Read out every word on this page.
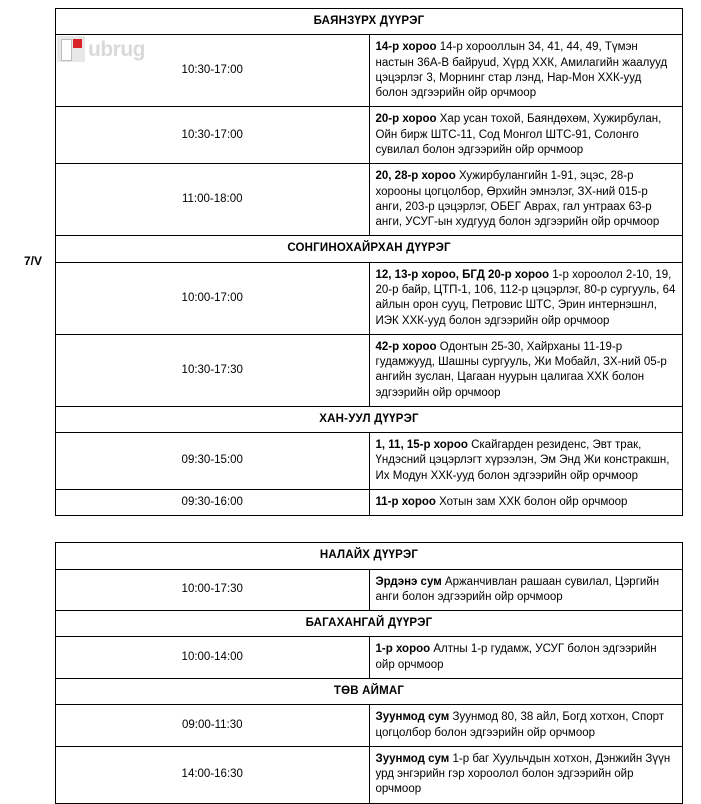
ubrug
7/V
БАЯНЗҮРХ ДҮҮРЭГ	
10:30-17:00	14-р хороо 14-р хорооллын 34, 41, 44, 49, Түмэн настын 36А-В байруud, Хүрд ХХК, Амилагийн жаалууд цэцэрлэг 3, Морнинг стар лэнд, Нар-Мон ХХК-ууд болон эдгээрийн ойр орчмоор
10:30-17:00	20-р хороо Хар усан тохой, Баяндөхөм, Хужирбулан, Ойн бирж ШТС-11, Сод Монгол ШТС-91, Солонго сувилал болон эдгээрийн ойр орчмоор
11:00-18:00	20, 28-р хороо Хужирбулангийн 1-91, эцэс, 28-р хорооны цогцолбор, Өрхийн эмнэлэг, ЗХ-ний 015-р анги, 203-р цэцэрлэг, ОБЕГ Аврах, гал унтраах 63-р анги, УСУГ-ын худгууд болон эдгээрийн ойр орчмоор
СОНГИНОХАЙРХАН ДҮҮРЭГ	
10:00-17:00	12, 13-р хороо, БГД 20-р хороо 1-р хороолол 2-10, 19, 20-р байр, ЦТП-1, 106, 112-р цэцэрлэг, 80-р сургууль, 64 айлын орон сууц, Петровис ШТС, Эрин интернэшнл, ИЭК ХХК-ууд болон эдгээрийн ойр орчмоор
10:30-17:30	42-р хороо Одонтын 25-30, Хайрханы 11-19-р гудамжууд, Шашны сургууль, Жи Мобайл, ЗХ-ний 05-р ангийн зуслан, Цагаан нуурын цалигаа ХХК болон эдгээрийн ойр орчмоор
ХАН-УУЛ ДҮҮРЭГ	
09:30-15:00	1, 11, 15-р хороо Скайгарден резиденс, Эвт трак, Үндэсний цэцэрлэгт хүрээлэн, Эм Энд Жи констракшн, Их Модун ХХК-ууд болон эдгээрийн ойр орчмоор
09:30-16:00	11-р хороо Хотын зам ХХК болон ойр орчмоор
НАЛАЙХ ДҮҮРЭГ	
10:00-17:30	Эрдэнэ сум Аржанчивлан рашаан сувилал, Цэргийн анги болон эдгээрийн ойр орчмоор
БАГАХАНГАЙ ДҮҮРЭГ	
10:00-14:00	1-р хороо Алтны 1-р гудамж, УСУГ болон эдгээрийн ойр орчмоор
ТӨВ АЙМАГ	
09:00-11:30	Зуунмод сум Зуунмод 80, 38 айл, Богд хотхон, Спорт цогцолбор болон эдгээрийн ойр орчмоор
14:00-16:30	Зуунмод сум 1-р баг Хуульчдын хотхон, Дэнжийн Зүүн урд энгэрийн гэр хороолол болон эдгээрийн ойр орчмоор
